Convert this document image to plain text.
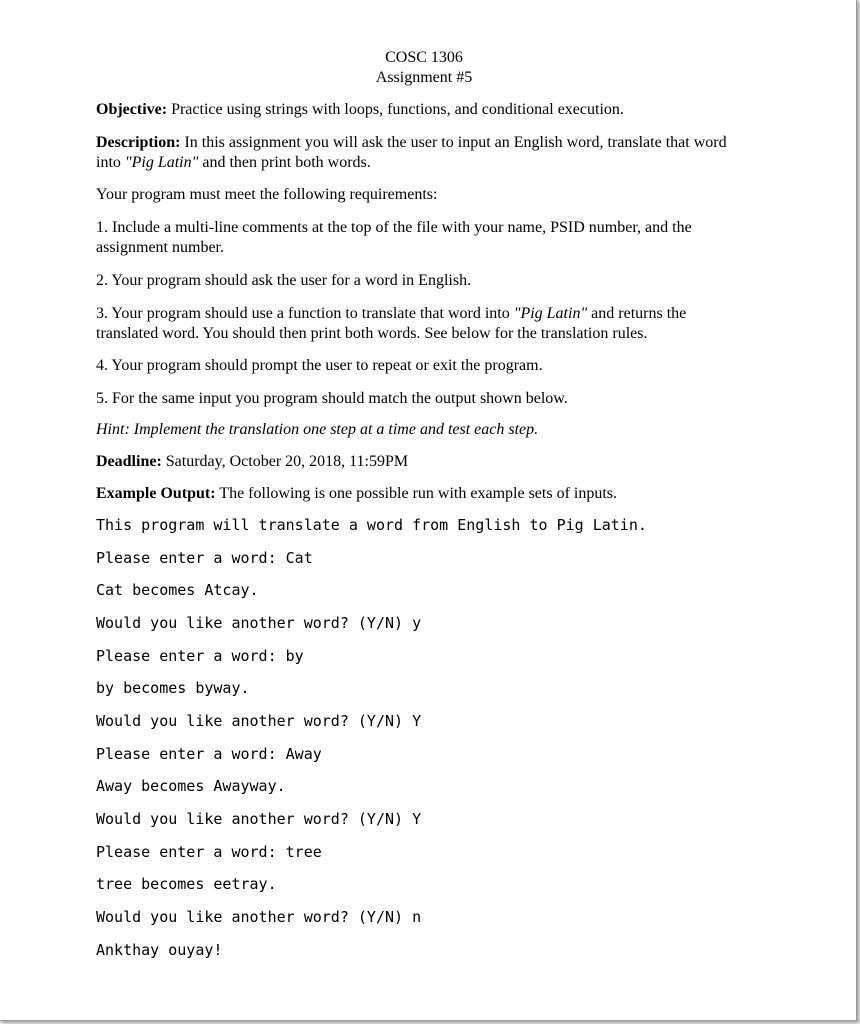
COSC 1306
Assignment #5

Objective: Practice using strings with loops, functions, and conditional execution.

Description: In this assignment you will ask the user to input an English word, translate that word into "Pig Latin" and then print both words.

Your program must meet the following requirements:

1. Include a multi-line comments at the top of the file with your name, PSID number, and the assignment number.

2. Your program should ask the user for a word in English.

3. Your program should use a function to translate that word into "Pig Latin" and returns the translated word. You should then print both words. See below for the translation rules.

4. Your program should prompt the user to repeat or exit the program.

5. For the same input you program should match the output shown below.

Hint: Implement the translation one step at a time and test each step.

Deadline: Saturday, October 20, 2018, 11:59PM

Example Output: The following is one possible run with example sets of inputs.

This program will translate a word from English to Pig Latin.

Please enter a word: Cat

Cat becomes Atcay.

Would you like another word? (Y/N) y

Please enter a word: by

by becomes byway.

Would you like another word? (Y/N) Y

Please enter a word: Away

Away becomes Awayway.

Would you like another word? (Y/N) Y

Please enter a word: tree

tree becomes eetray.

Would you like another word? (Y/N) n

Ankthay ouyay!
